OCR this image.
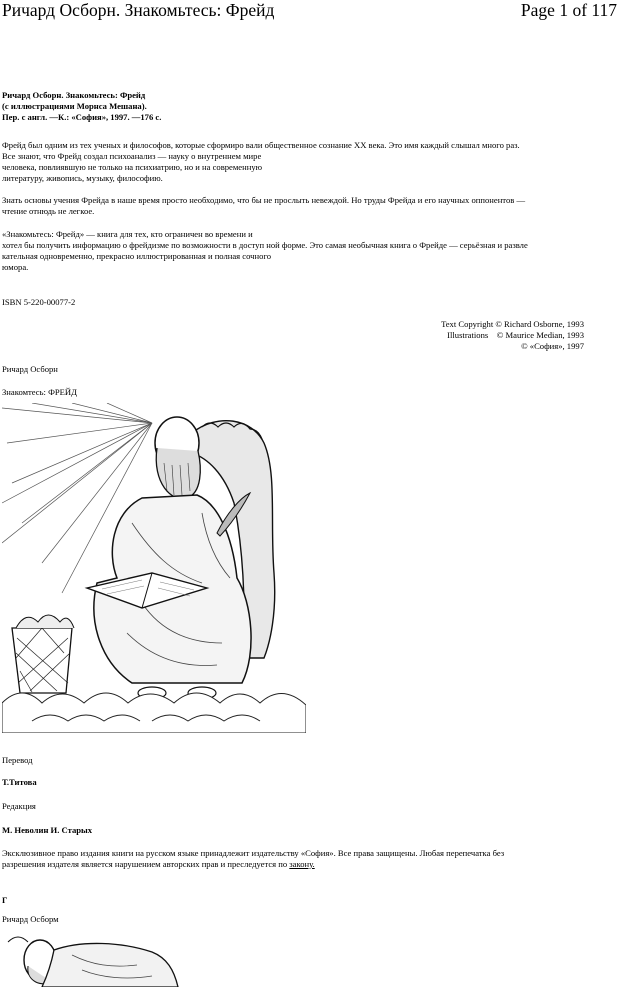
Ричард Осборн. Знакомьтесь: Фрейд	Page 1 of 117
Ричард Осборн. Знакомьтесь: Фрейд
(с иллюстрациями Морнса Мешана).
Пер. с англ. —К.: «София», 1997. —176 с.
Фрейд был одним из тех ученых и философов, которые сформиро вали общественное сознание XX века. Это имя каждый слышал много раз.
Все знают, что Фрейд создал психоанализ — науку о внутреннем мире
человека, повлиявшую не только на психиатрию, но и на современную
литературу, живопись, музыку, философию.
Знать основы учения Фрейда в наше время просто необходимо, что бы не прослыть невеждой. Но труды Фрейда и его научных оппонентов —
чтение отнюдь не легкое.
«Знакомьтесь: Фрейд» — книга для тех, кто ограничен во времени и
хотел бы получить информацию о фрейдизме по возможности в доступ ной форме. Это самая необычная книга о Фрейде — серьёзная и развле
кательная одновременно, прекрасно иллюстрированная и полная сочного
юмора.
ISBN 5-220-00077-2
Text Copyright © Richard Osborne, 1993
Illustrations    © Maurice Median, 1993
© «София», 1997
Ричард Осборн
Знакомтесь: ФРЕЙД
Перевод
Т.Титова
Редакция
М. Неволин И. Старых
Эксклюзивное право издания книги на русском языке принадлежит издательству «София». Все права защищены. Любая перепечатка без
разрешения издателя является нарушением авторских прав и преследуется по закону.
Г
Ричард Осборм
